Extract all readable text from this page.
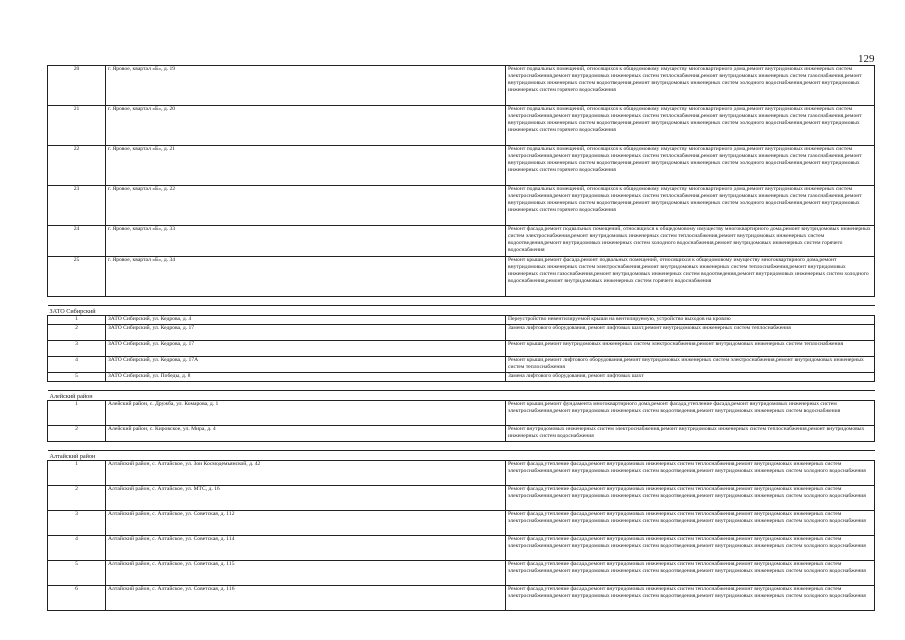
129
20	г. Яровое, квартал «Б», д. 19	Ремонт подвальных помещений, относящихся к общедомовому имуществу многоквартирного дома,ремонт внутридомовых инженерных систем электроснабжения,ремонт внутридомовых инженерных систем теплоснабжения,ремонт внутридомовых инженерных систем газоснабжения,ремонт внутридомовых инженерных систем водоотведения,ремонт внутридомовых инженерных систем холодного водоснабжения,ремонт внутридомовых инженерных систем горячего водоснабжения
21	г. Яровое, квартал «Б», д. 20	Ремонт подвальных помещений, относящихся к общедомовому имуществу многоквартирного дома,ремонт внутридомовых инженерных систем электроснабжения,ремонт внутридомовых инженерных систем теплоснабжения,ремонт внутридомовых инженерных систем газоснабжения,ремонт внутридомовых инженерных систем водоотведения,ремонт внутридомовых инженерных систем холодного водоснабжения,ремонт внутридомовых инженерных систем горячего водоснабжения
22	г. Яровое, квартал «Б», д. 21	Ремонт подвальных помещений, относящихся к общедомовому имуществу многоквартирного дома,ремонт внутридомовых инженерных систем электроснабжения,ремонт внутридомовых инженерных систем теплоснабжения,ремонт внутридомовых инженерных систем газоснабжения,ремонт внутридомовых инженерных систем водоотведения,ремонт внутридомовых инженерных систем холодного водоснабжения,ремонт внутридомовых инженерных систем горячего водоснабжения
23	г. Яровое, квартал «Б», д. 22	Ремонт подвальных помещений, относящихся к общедомовому имуществу многоквартирного дома,ремонт внутридомовых инженерных систем электроснабжения,ремонт внутридомовых инженерных систем теплоснабжения,ремонт внутридомовых инженерных систем газоснабжения,ремонт внутридомовых инженерных систем водоотведения,ремонт внутридомовых инженерных систем холодного водоснабжения,ремонт внутридомовых инженерных систем горячего водоснабжения
24	г. Яровое, квартал «Б», д. 33	Ремонт фасада,ремонт подвальных помещений, относящихся к общедомовому имуществу многоквартирного дома,ремонт внутридомовых инженерных систем электроснабжения,ремонт внутридомовых инженерных систем теплоснабжения,ремонт внутридомовых инженерных систем водоотведения,ремонт внутридомовых инженерных систем холодного водоснабжения,ремонт внутридомовых инженерных систем горячего водоснабжения
25	г. Яровое, квартал «Б», д. 34	Ремонт крыши,ремонт фасада,ремонт подвальных помещений, относящихся к общедомовому имуществу многоквартирного дома,ремонт внутридомовых инженерных систем электроснабжения,ремонт внутридомовых инженерных систем теплоснабжения,ремонт внутридомовых инженерных систем газоснабжения,ремонт внутридомовых инженерных систем водоотведения,ремонт внутридомовых инженерных систем холодного водоснабжения,ремонт внутридомовых инженерных систем горячего водоснабжения

ЗАТО Сибирский		
1	ЗАТО Сибирский, ул. Кедрова, д. 4	Переустройство невентилируемой крыши на вентилируемую, устройство выходов на кровлю
2	ЗАТО Сибирский, ул. Кедрова, д. 17	Замена лифтового оборудования, ремонт лифтовых шахт,ремонт внутридомовых инженерных систем теплоснабжения
3	ЗАТО Сибирский, ул. Кедрова, д. 17	Ремонт крыши,ремонт внутридомовых инженерных систем электроснабжения,ремонт внутридомовых инженерных систем теплоснабжения
4	ЗАТО Сибирский, ул. Кедрова, д. 17А	Ремонт крыши,ремонт лифтового оборудования,ремонт внутридомовых инженерных систем электроснабжения,ремонт внутридомовых инженерных систем теплоснабжения
5	ЗАТО Сибирский, ул. Победы, д. 8	Замена лифтового оборудования, ремонт лифтовых шахт

Алейский район		
1	Алейский район, с. Дружба, ул. Комарова, д. 1	Ремонт крыши,ремонт фундамента многоквартирного дома,ремонт фасада,утепление фасада,ремонт внутридомовых инженерных систем электроснабжения,ремонт внутридомовых инженерных систем водоотведения,ремонт внутридомовых инженерных систем водоснабжения
2	Алейский район, с. Кировское, ул. Мира, д. 4	Ремонт внутридомовых инженерных систем электроснабжения,ремонт внутридомовых инженерных систем теплоснабжения,ремонт внутридомовых инженерных систем водоснабжения

Алтайский район		
1	Алтайский район, с. Алтайское, ул. Зои Космодемьянской, д. 42	Ремонт фасада,утепление фасада,ремонт внутридомовых инженерных систем теплоснабжения,ремонт внутридомовых инженерных систем электроснабжения,ремонт внутридомовых инженерных систем водоотведения,ремонт внутридомовых инженерных систем холодного водоснабжения
2	Алтайский район, с. Алтайское, ул. МТС, д. 16	Ремонт фасада,утепление фасада,ремонт внутридомовых инженерных систем теплоснабжения,ремонт внутридомовых инженерных систем электроснабжения,ремонт внутридомовых инженерных систем водоотведения,ремонт внутридомовых инженерных систем холодного водоснабжения
3	Алтайский район, с. Алтайское, ул. Советская, д. 112	Ремонт фасада,утепление фасада,ремонт внутридомовых инженерных систем теплоснабжения,ремонт внутридомовых инженерных систем электроснабжения,ремонт внутридомовых инженерных систем водоотведения,ремонт внутридомовых инженерных систем холодного водоснабжения
4	Алтайский район, с. Алтайское, ул. Советская, д. 114	Ремонт фасада,утепление фасада,ремонт внутридомовых инженерных систем теплоснабжения,ремонт внутридомовых инженерных систем электроснабжения,ремонт внутридомовых инженерных систем водоотведения,ремонт внутридомовых инженерных систем холодного водоснабжения
5	Алтайский район, с. Алтайское, ул. Советская, д. 115	Ремонт фасада,утепление фасада,ремонт внутридомовых инженерных систем теплоснабжения,ремонт внутридомовых инженерных систем электроснабжения,ремонт внутридомовых инженерных систем водоотведения,ремонт внутридомовых инженерных систем холодного водоснабжения
6	Алтайский район, с. Алтайское, ул. Советская, д. 116	Ремонт фасада,утепление фасада,ремонт внутридомовых инженерных систем теплоснабжения,ремонт внутридомовых инженерных систем электроснабжения,ремонт внутридомовых инженерных систем водоотведения,ремонт внутридомовых инженерных систем холодного водоснабжения
